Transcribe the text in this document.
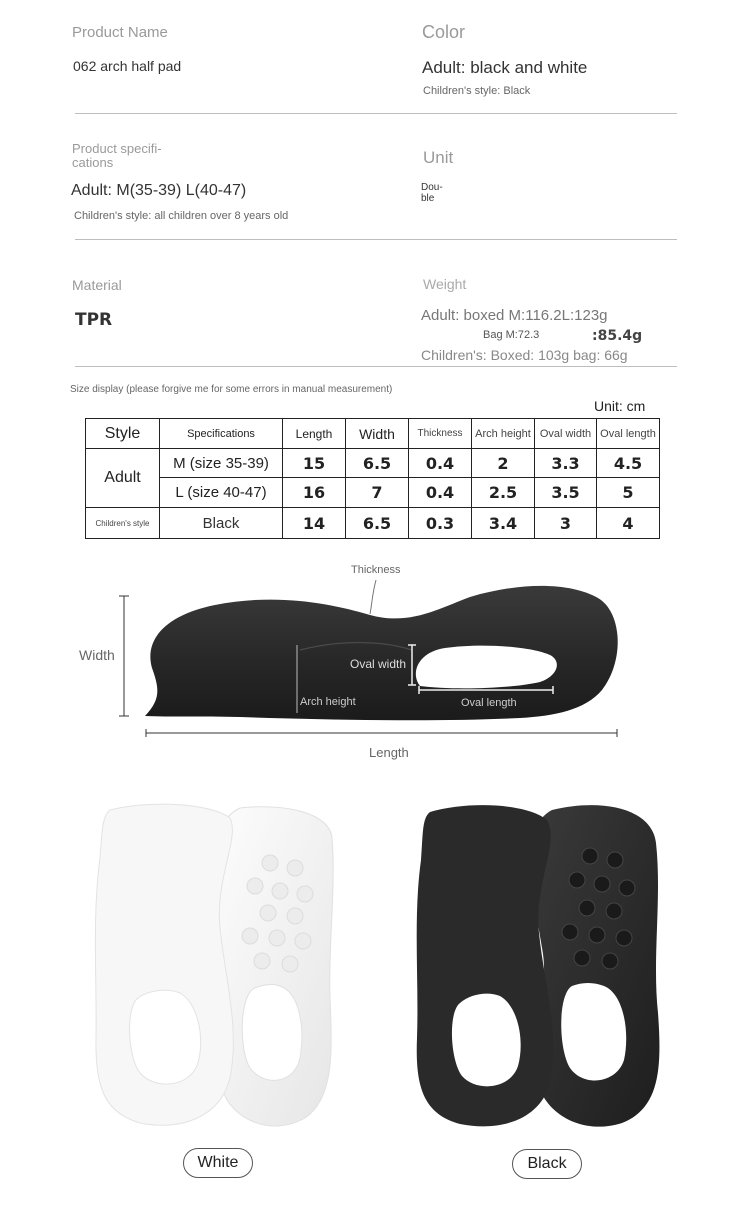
Product Name
062 arch half pad
Color
Adult: black and white
Children's style: Black
Product specifi-
cations
Adult: M(35-39) L(40-47)
Children's style: all children over 8 years old
Unit
Dou-
ble
Material
TPR
Weight
Adult: boxed M:116.2L:123g
Bag M:72.3	:85.4g
Children's: Boxed: 103g bag: 66g
Size display (please forgive me for some errors in manual measurement)
Unit: cm
Style	Specifications	Length	Width	Thickness	Arch height	Oval width	Oval length
Adult	M (size 35-39)	15	6.5	0.4	2	3.3	4.5
	L (size 40-47)	16	7	0.4	2.5	3.5	5
Children's style	Black	14	6.5	0.3	3.4	3	4
Thickness
Width
Oval width
Arch height	Oval length
Length
White	Black
